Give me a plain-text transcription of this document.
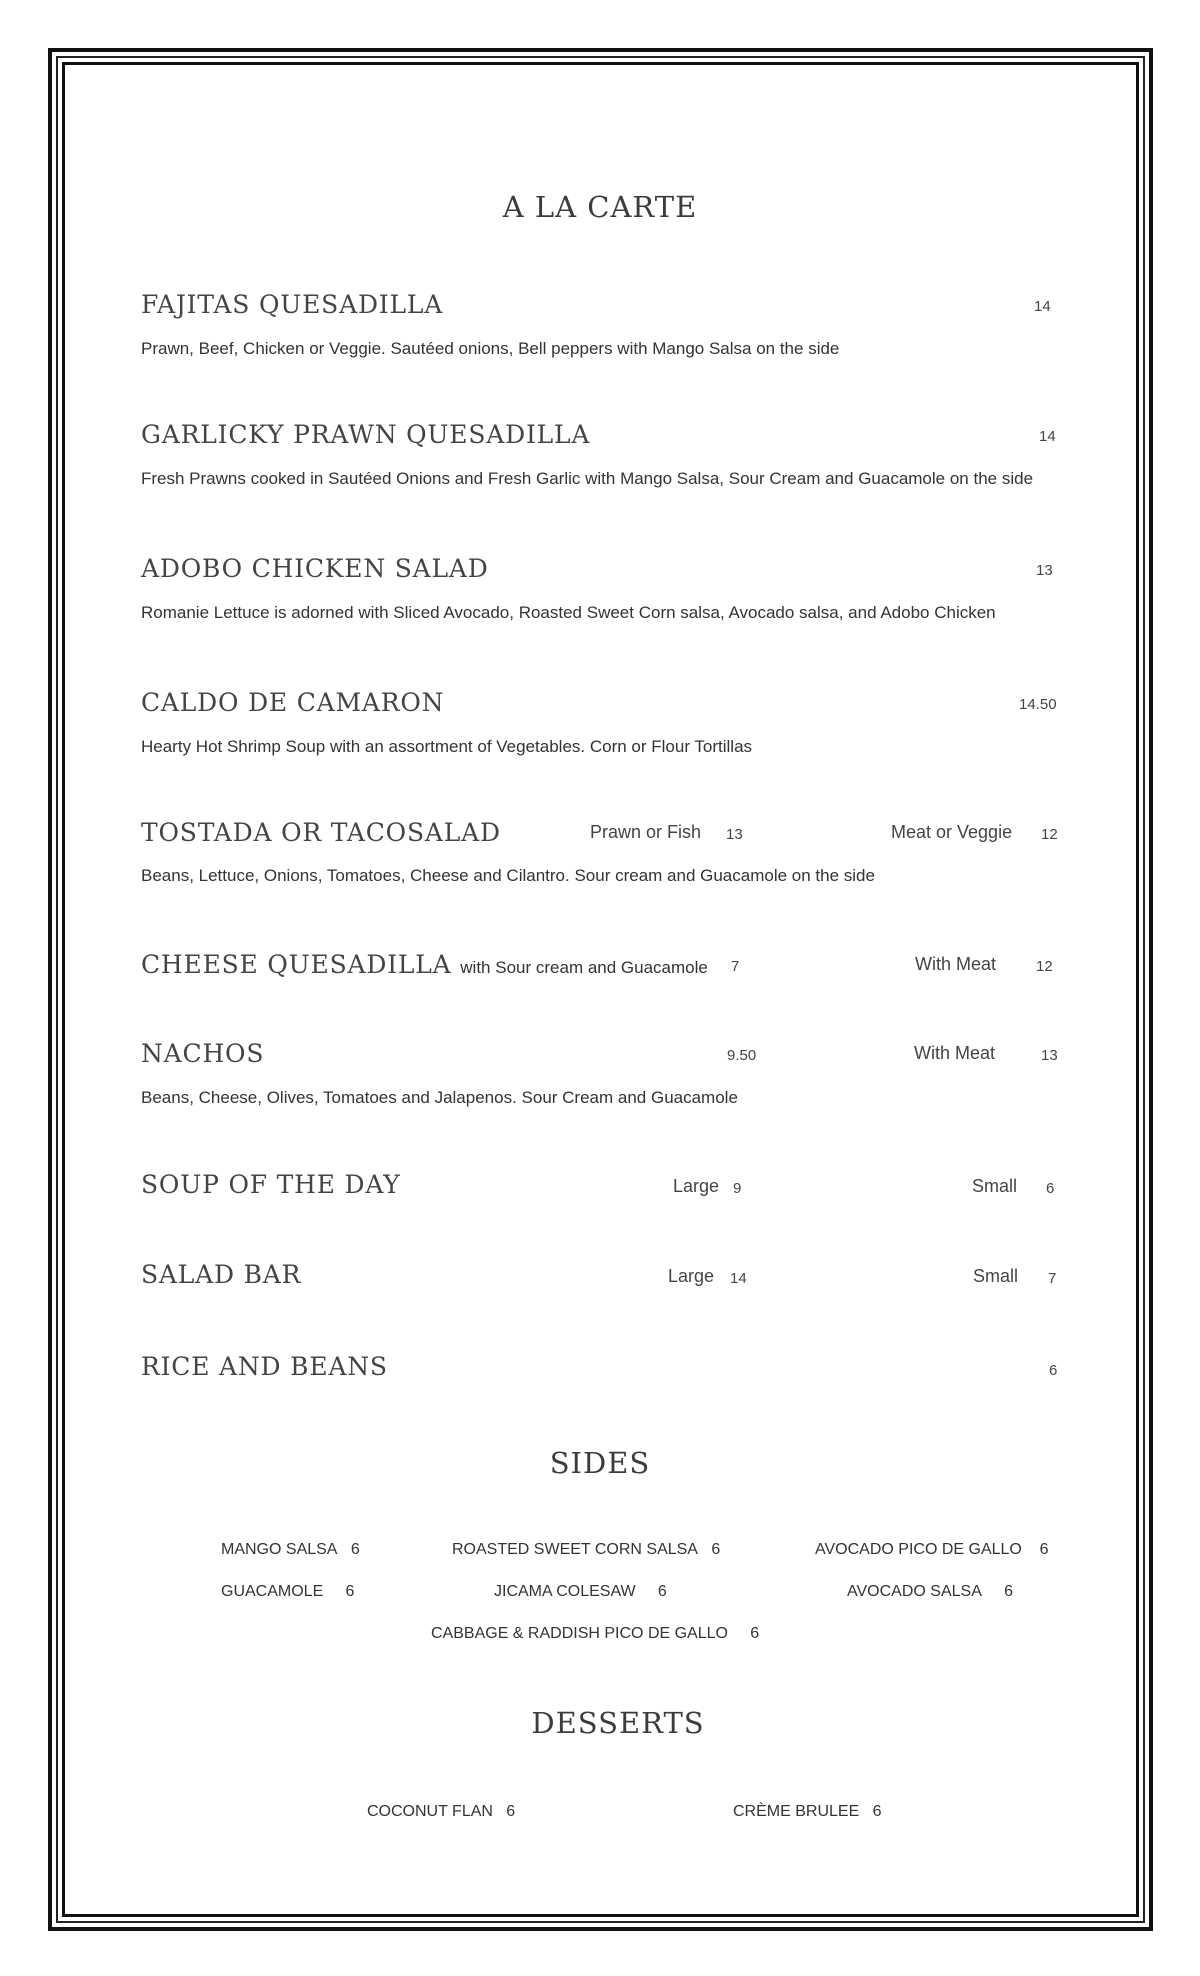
A LA CARTE
FAJITAS QUESADILLA	14
Prawn, Beef, Chicken or Veggie. Sautéed onions, Bell peppers with Mango Salsa on the side
GARLICKY PRAWN QUESADILLA	14
Fresh Prawns cooked in Sautéed Onions and Fresh Garlic with Mango Salsa, Sour Cream and Guacamole on the side
ADOBO CHICKEN SALAD	13
Romanie Lettuce is adorned with Sliced Avocado, Roasted Sweet Corn salsa, Avocado salsa, and Adobo Chicken
CALDO DE CAMARON	14.50
Hearty Hot Shrimp Soup with an assortment of Vegetables. Corn or Flour Tortillas
TOSTADA OR TACOSALAD	Prawn or Fish 13	Meat or Veggie 12
Beans, Lettuce, Onions, Tomatoes, Cheese and Cilantro. Sour cream and Guacamole on the side
CHEESE QUESADILLA with Sour cream and Guacamole 7	With Meat	12
NACHOS	9.50	With Meat	13
Beans, Cheese, Olives, Tomatoes and Jalapenos. Sour Cream and Guacamole
SOUP OF THE DAY	Large 9	Small 6
SALAD BAR	Large 14	Small 7
RICE AND BEANS	6
SIDES
MANGO SALSA 6	ROASTED SWEET CORN SALSA 6	AVOCADO PICO DE GALLO 6
GUACAMOLE 6	JICAMA COLESAW 6	AVOCADO SALSA 6
CABBAGE & RADDISH PICO DE GALLO 6
DESSERTS
COCONUT FLAN 6	CRÈME BRULEE 6
